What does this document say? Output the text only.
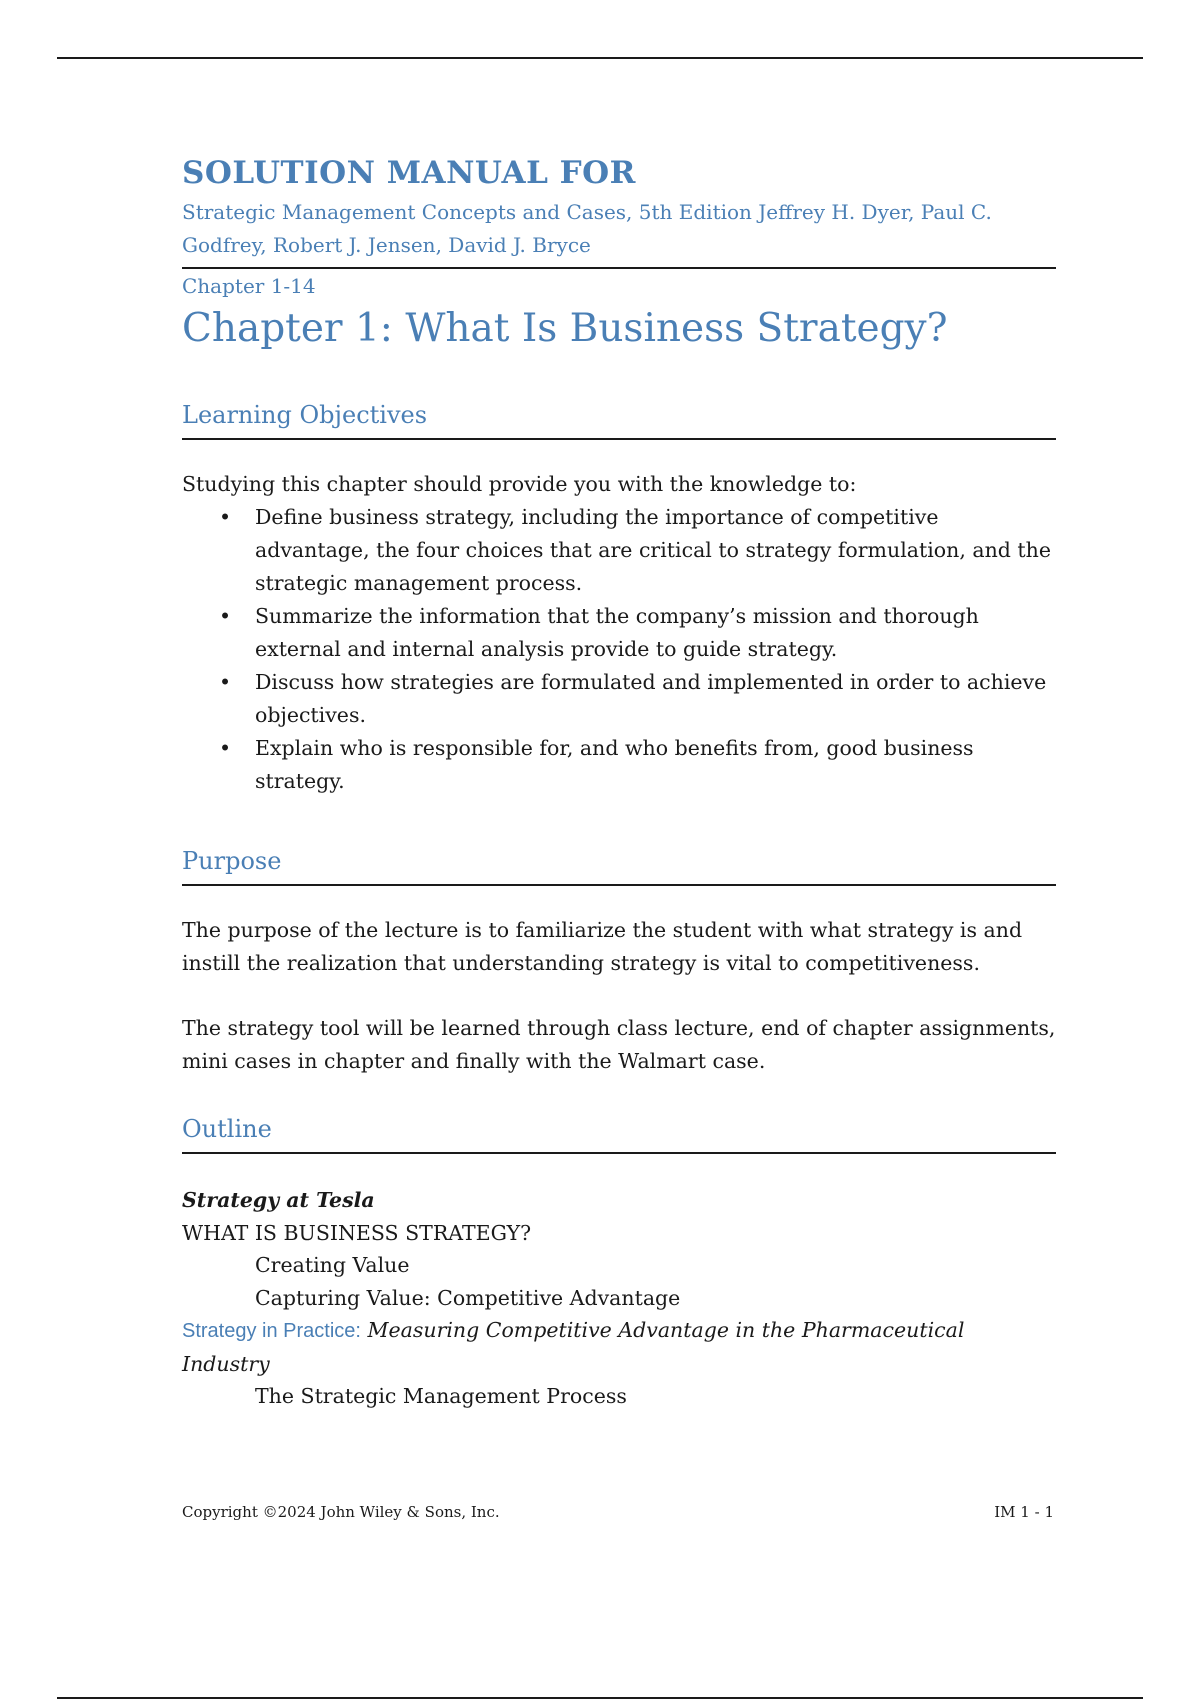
SOLUTION MANUAL FOR

Strategic Management Concepts and Cases, 5th Edition Jeffrey H. Dyer, Paul C.
Godfrey, Robert J. Jensen, David J. Bryce

Chapter 1-14

Chapter 1: What Is Business Strategy?
Learning Objectives

Studying this chapter should provide you with the knowledge to:

• Define business strategy, including the importance of competitive advantage, the four choices that are critical to strategy formulation, and the strategic management process.
• Summarize the information that the company’s mission and thorough external and internal analysis provide to guide strategy.
• Discuss how strategies are formulated and implemented in order to achieve objectives.
• Explain who is responsible for, and who benefits from, good business strategy.
Purpose

The purpose of the lecture is to familiarize the student with what strategy is and instill the realization that understanding strategy is vital to competitiveness.

The strategy tool will be learned through class lecture, end of chapter assignments, mini cases in chapter and finally with the Walmart case.

Outline

Strategy at Tesla

WHAT IS BUSINESS STRATEGY?

Creating Value

Capturing Value: Competitive Advantage

Strategy in Practice: Measuring Competitive Advantage in the Pharmaceutical Industry

The Strategic Management Process

Copyright ©2024 John Wiley & Sons, Inc.	IM 1 - 1
